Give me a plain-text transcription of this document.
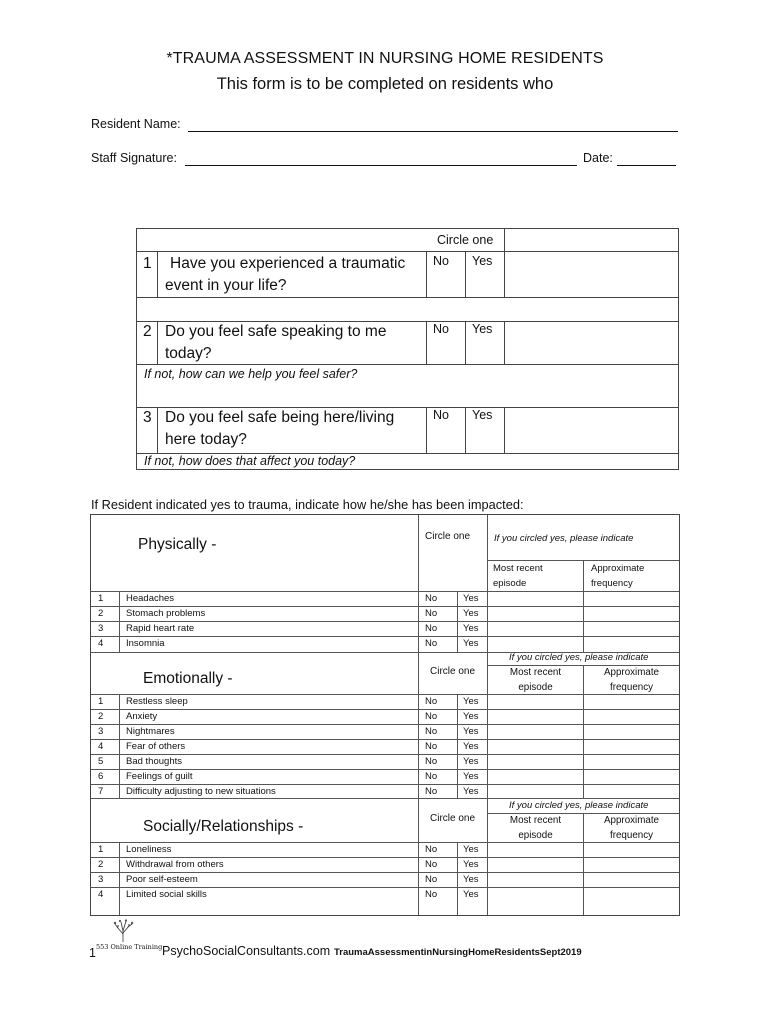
*TRAUMA ASSESSMENT IN NURSING HOME RESIDENTS
This form is to be completed on residents who
Resident Name:
Staff Signature:	Date:
Circle one
1 Have you experienced a traumatic
event in your life?
No Yes
2 Do you feel safe speaking to me
today?
No Yes
If not, how can we help you feel safer?
3 Do you feel safe being here/living
here today?
No Yes
If not, how does that affect you today?
If Resident indicated yes to trauma, indicate how he/she has been impacted:
Physically -	Circle one	If you circled yes, please indicate
Most recent
episode
Approximate
frequency
1 Headaches	No	Yes
2 Stomach problems	No	Yes
3 Rapid heart rate	No	Yes
4 Insomnia	No	Yes
If you circled yes, please indicate
Emotionally -	Circle one	Most recent
episode
Approximate
frequency
1 Restless sleep	No	Yes
2 Anxiety	No	Yes
3 Nightmares	No	Yes
4 Fear of others	No	Yes
5 Bad thoughts	No	Yes
6 Feelings of guilt	No	Yes
7 Difficulty adjusting to new situations	No	Yes
If you circled yes, please indicate
Socially/Relationships -	Circle one	Most recent
episode
Approximate
frequency
1 Loneliness	No	Yes
2 Withdrawal from others	No	Yes
3 Poor self-esteem	No	Yes
4 Limited social skills	No	Yes
1 553 Online Training PsychoSocialConsultants.com TraumaAssessmentinNursingHomeResidentsSept2019
